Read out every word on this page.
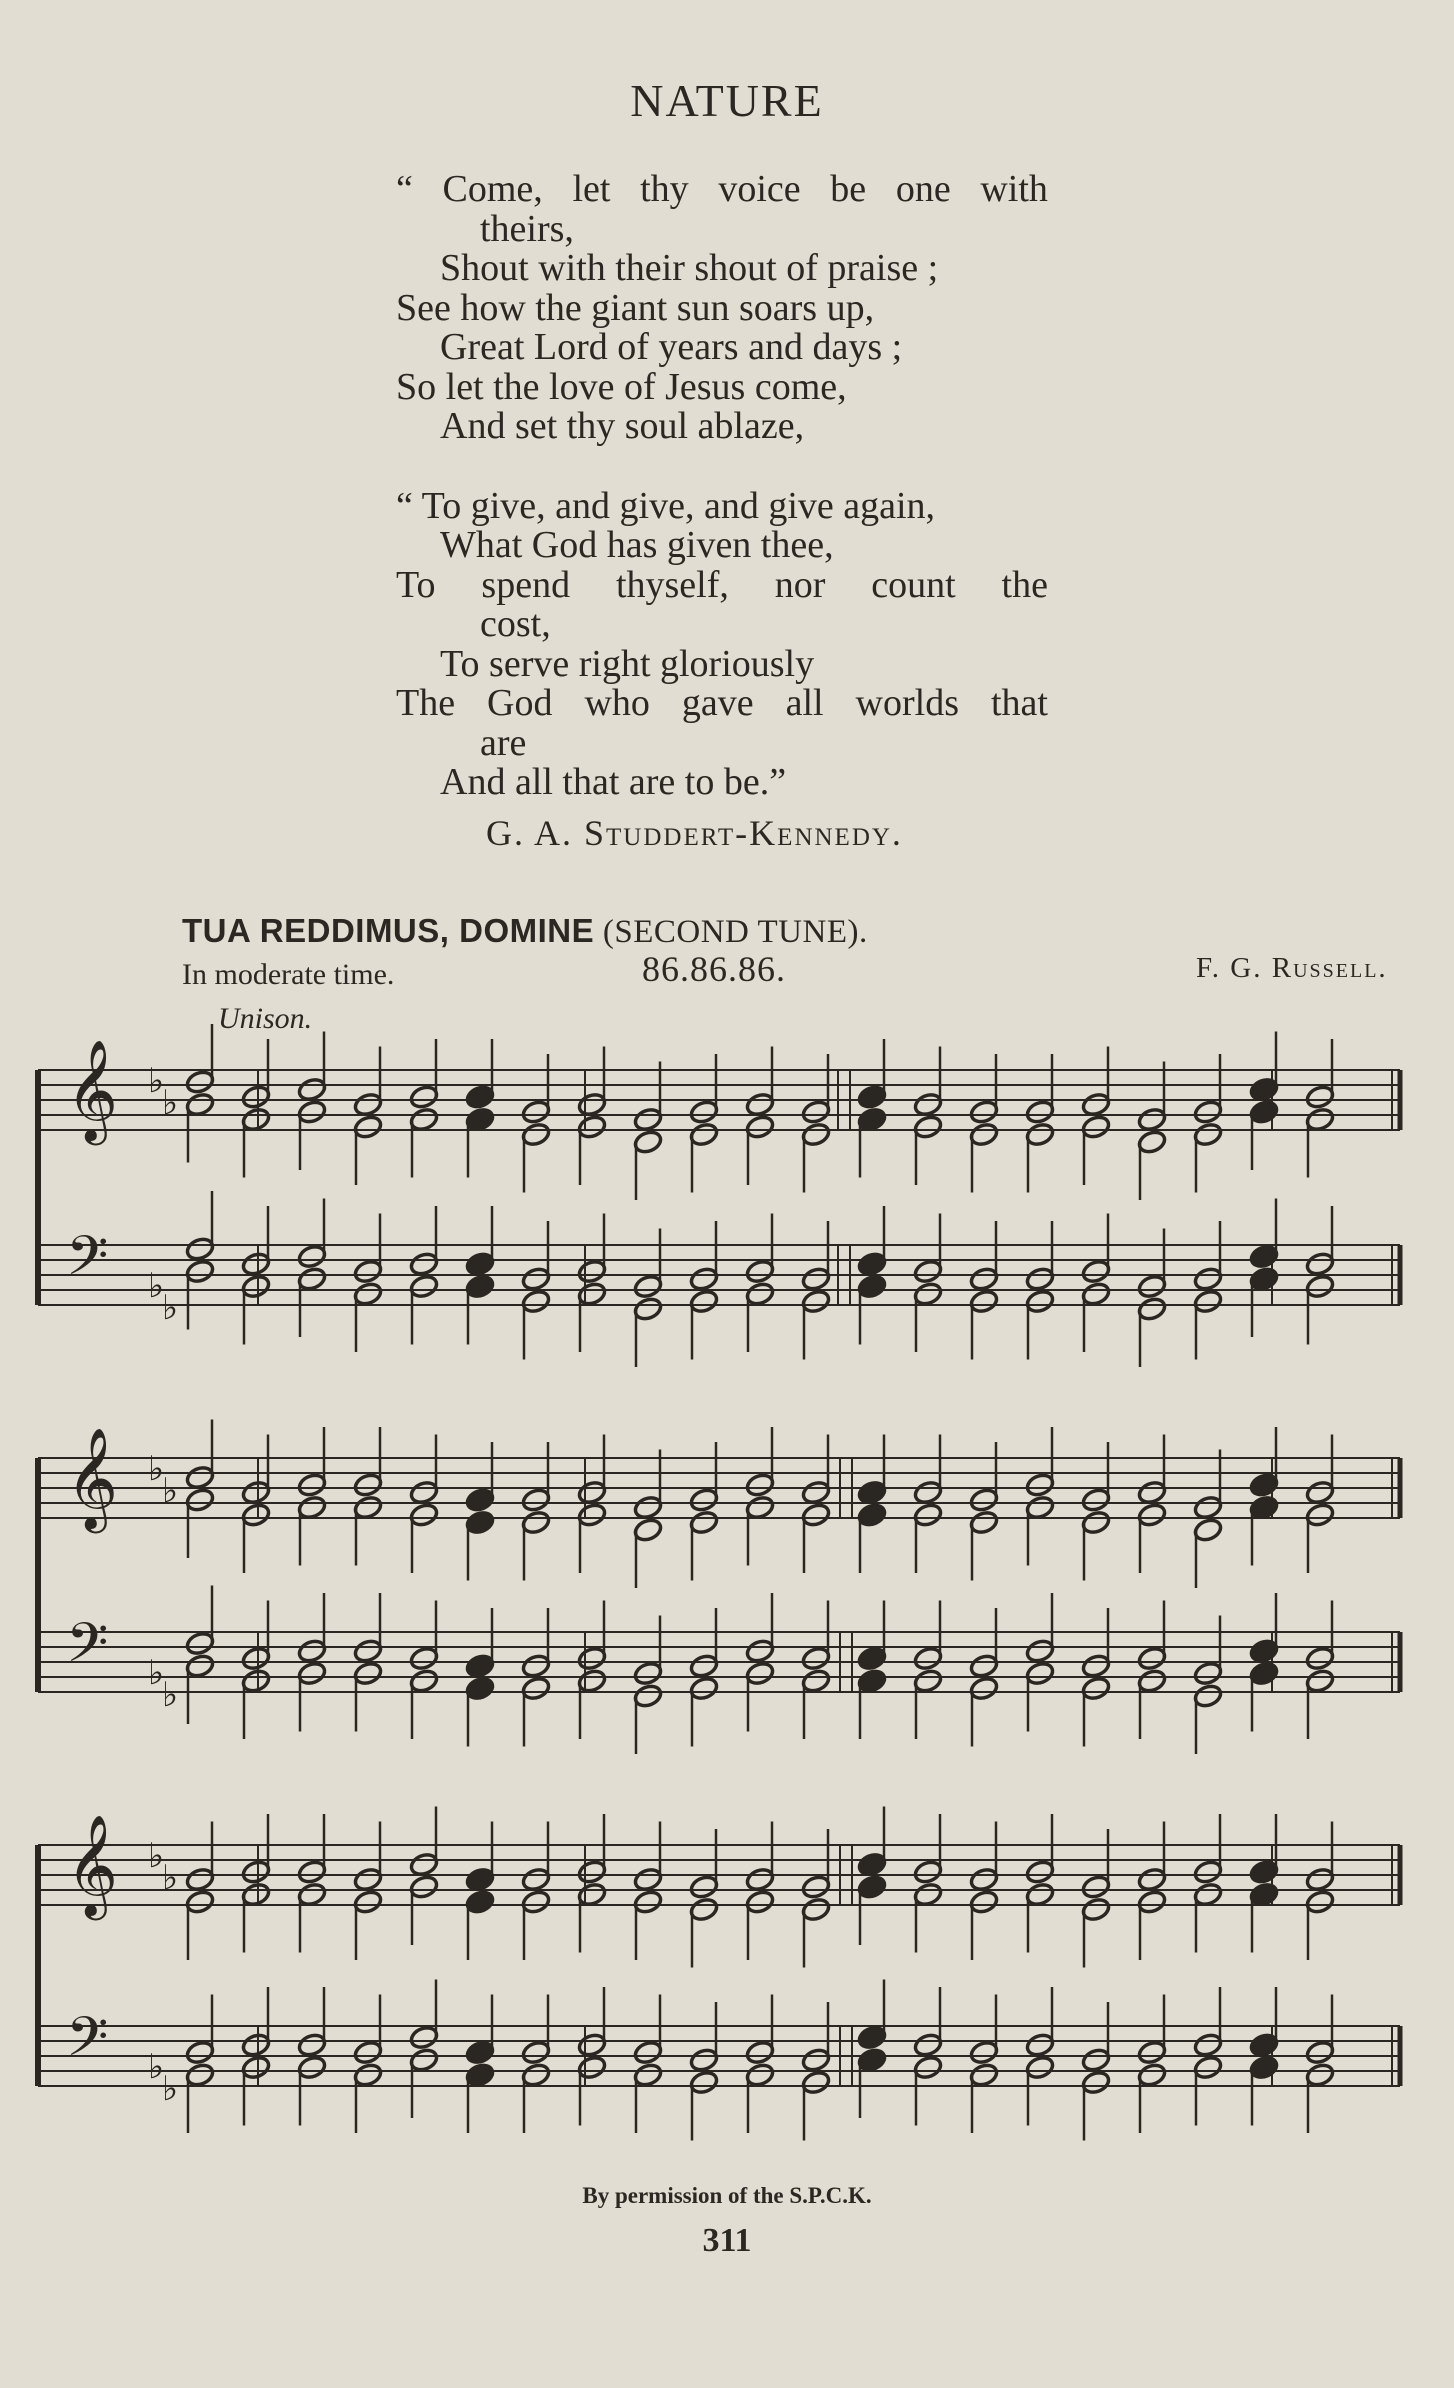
NATURE
“ Come, let thy voice be one with
theirs,
Shout with their shout of praise ;
See how the giant sun soars up,
Great Lord of years and days ;
So let the love of Jesus come,
And set thy soul ablaze,
“ To give, and give, and give again,
What God has given thee,
To spend thyself, nor count the
cost,
To serve right gloriously
The God who gave all worlds that
are
And all that are to be.”
G. A. Studdert-Kennedy.
TUA REDDIMUS, DOMINE (SECOND TUNE).
In moderate time.	86.86.86.	F. G. Russell.
Unison.
𝄞 ♭
♭
𝄢 ♭
♭
𝄞 ♭
♭
𝄢 ♭
♭
𝄞 ♭
♭
𝄢 ♭
♭
By permission of the S.P.C.K.
311
